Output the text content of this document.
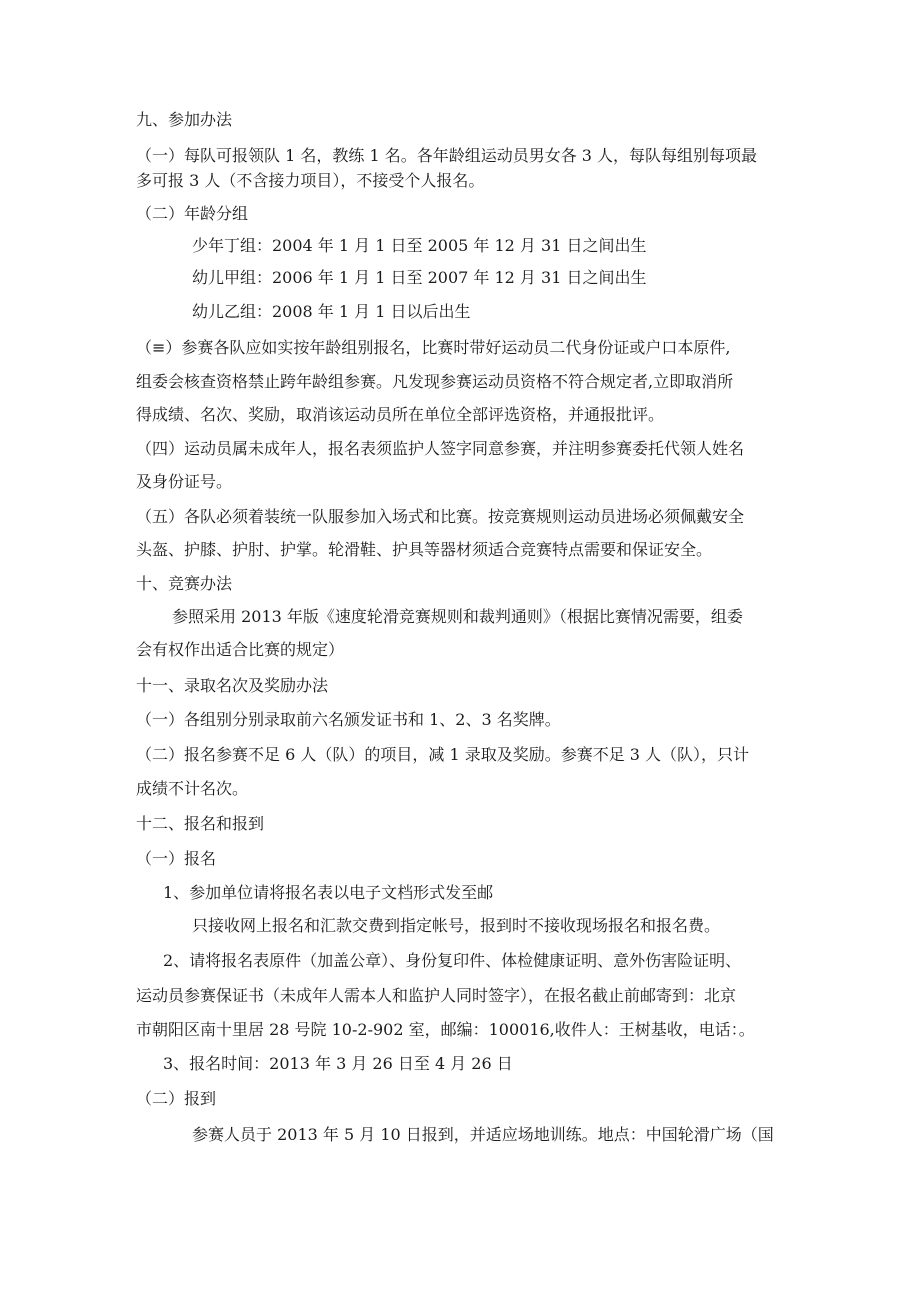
九、参加办法
（一）每队可报领队 1 名，教练 1 名。各年龄组运动员男女各 3 人，每队每组别每项最
多可报 3 人（不含接力项目），不接受个人报名。
（二）年龄分组
少年丁组：2004 年 1 月 1 日至 2005 年 12 月 31 日之间出生
幼儿甲组：2006 年 1 月 1 日至 2007 年 12 月 31 日之间出生
幼儿乙组：2008 年 1 月 1 日以后出生
（≡）参赛各队应如实按年龄组别报名，比赛时带好运动员二代身份证或户口本原件,
组委会核查资格禁止跨年龄组参赛。凡发现参赛运动员资格不符合规定者,立即取消所
得成绩、名次、奖励，取消该运动员所在单位全部评选资格，并通报批评。
（四）运动员属未成年人，报名表须监护人签字同意参赛，并注明参赛委托代领人姓名
及身份证号。
（五）各队必须着装统一队服参加入场式和比赛。按竞赛规则运动员进场必须佩戴安全
头盔、护膝、护肘、护掌。轮滑鞋、护具等器材须适合竞赛特点需要和保证安全。
十、竞赛办法
参照采用 2013 年版《速度轮滑竞赛规则和裁判通则》（根据比赛情况需要，组委
会有权作出适合比赛的规定）
十一、录取名次及奖励办法
（一）各组别分别录取前六名颁发证书和 1、2、3 名奖牌。
（二）报名参赛不足 6 人（队）的项目，减 1 录取及奖励。参赛不足 3 人（队），只计
成绩不计名次。
十二、报名和报到
（一）报名
1、参加单位请将报名表以电子文档形式发至邮
只接收网上报名和汇款交费到指定帐号，报到时不接收现场报名和报名费。
2、请将报名表原件（加盖公章）、身份复印件、体检健康证明、意外伤害险证明、
运动员参赛保证书（未成年人需本人和监护人同时签字），在报名截止前邮寄到：北京
市朝阳区南十里居 28 号院 10-2-902 室，邮编：100016,收件人：王树基收，电话：。
3、报名时间：2013 年 3 月 26 日至 4 月 26 日
（二）报到
参赛人员于 2013 年 5 月 10 日报到，并适应场地训练。地点：中国轮滑广场（国
